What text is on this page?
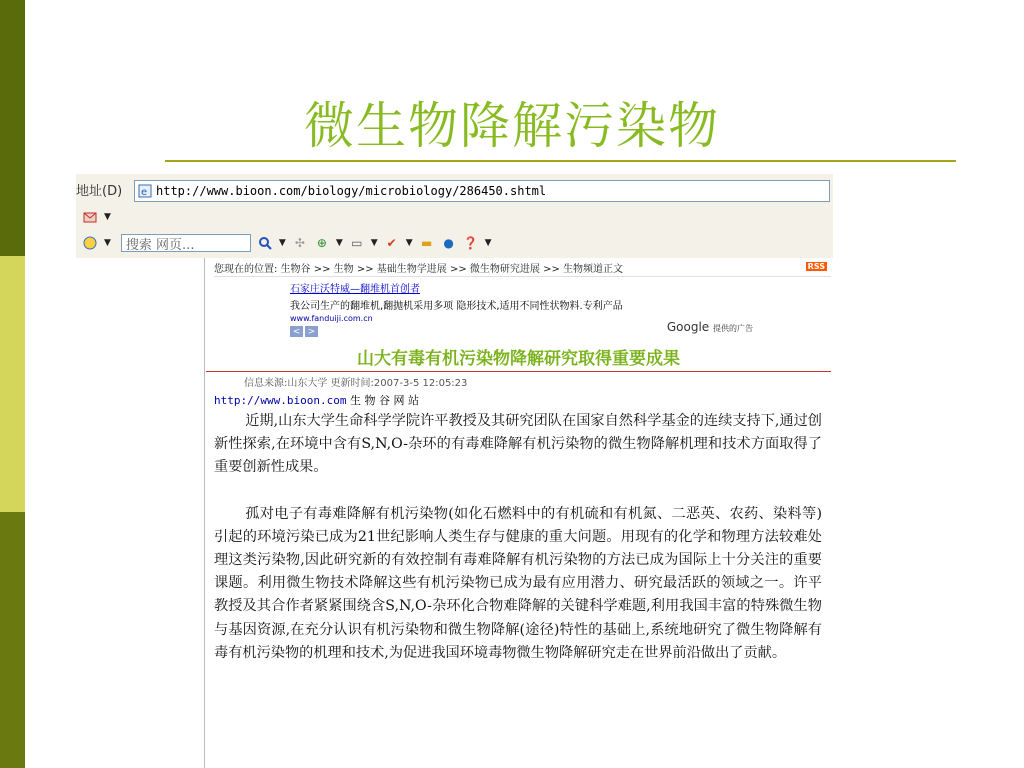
微生物降解污染物
地址(D) e http://www.bioon.com/biology/microbiology/286450.shtml
▼
▼ 搜索 网页...	▼ ✣ ⊕ ▼ ▭ ▼ ✔ ▼ ▬ ● ❓ ▼
您现在的位置: 生物谷 >> 生物 >> 基础生物学进展 >> 微生物研究进展 >> 生物频道正文	RSS
石家庄沃特威—翻堆机首创者
我公司生产的翻堆机,翻抛机采用多项 隐形技术,适用不同性状物料.专利产品
www.fanduiji.com.cn
< >	Google 提供的广告
山大有毒有机污染物降解研究取得重要成果
信息来源:山东大学 更新时间:2007-3-5 12:05:23
http://www.bioon.com 生 物 谷 网 站

近期,山东大学生命科学学院许平教授及其研究团队在国家自然科学基金的连续支持下,通过创新性探索,在环境中含有S,N,O-杂环的有毒难降解有机污染物的微生物降解机理和技术方面取得了重要创新性成果。

孤对电子有毒难降解有机污染物(如化石燃料中的有机硫和有机氮、二恶英、农药、染料等)引起的环境污染已成为21世纪影响人类生存与健康的重大问题。用现有的化学和物理方法较难处理这类污染物,因此研究新的有效控制有毒难降解有机污染物的方法已成为国际上十分关注的重要课题。利用微生物技术降解这些有机污染物已成为最有应用潜力、研究最活跃的领域之一。许平教授及其合作者紧紧围绕含S,N,O-杂环化合物难降解的关键科学难题,利用我国丰富的特殊微生物与基因资源,在充分认识有机污染物和微生物降解(途径)特性的基础上,系统地研究了微生物降解有毒有机污染物的机理和技术,为促进我国环境毒物微生物降解研究走在世界前沿做出了贡献。
